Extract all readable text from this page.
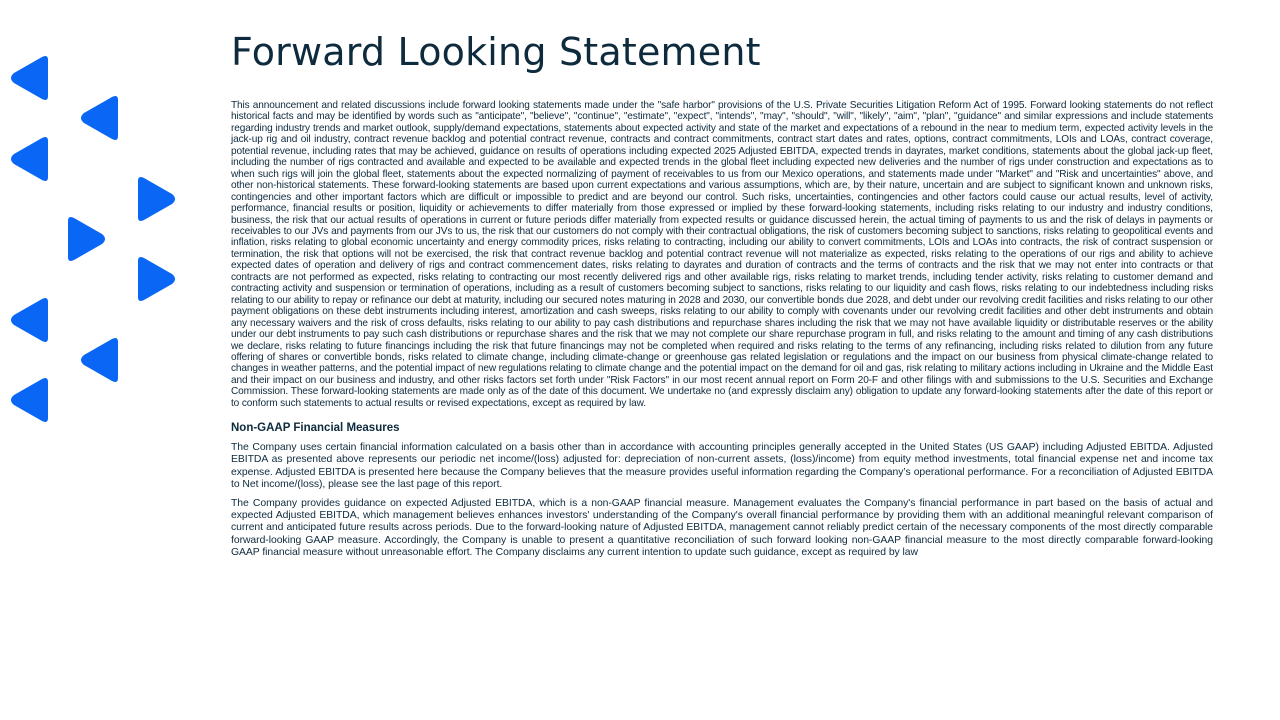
Forward Looking Statement

This announcement and related discussions include forward looking statements made under the "safe harbor" provisions of the U.S. Private Securities Litigation Reform Act of 1995. Forward looking statements do not reflect historical facts and may be identified by words such as "anticipate", "believe", "continue", "estimate", "expect", "intends", "may", "should", "will", "likely", "aim", "plan", "guidance" and similar expressions and include statements regarding industry trends and market outlook, supply/demand expectations, statements about expected activity and state of the market and expectations of a rebound in the near to medium term, expected activity levels in the jack-up rig and oil industry, contract revenue backlog and potential contract revenue, contracts and contract commitments, contract start dates and rates, options, contract commitments, LOIs and LOAs, contract coverage, potential revenue, including rates that may be achieved, guidance on results of operations including expected 2025 Adjusted EBITDA, expected trends in dayrates, market conditions, statements about the global jack-up fleet, including the number of rigs contracted and available and expected to be available and expected trends in the global fleet including expected new deliveries and the number of rigs under construction and expectations as to when such rigs will join the global fleet, statements about the expected normalizing of payment of receivables to us from our Mexico operations, and statements made under "Market" and "Risk and uncertainties" above, and other non-historical statements. These forward-looking statements are based upon current expectations and various assumptions, which are, by their nature, uncertain and are subject to significant known and unknown risks, contingencies and other important factors which are difficult or impossible to predict and are beyond our control. Such risks, uncertainties, contingencies and other factors could cause our actual results, level of activity, performance, financial results or position, liquidity or achievements to differ materially from those expressed or implied by these forward-looking statements, including risks relating to our industry and industry conditions, business, the risk that our actual results of operations in current or future periods differ materially from expected results or guidance discussed herein, the actual timing of payments to us and the risk of delays in payments or receivables to our JVs and payments from our JVs to us, the risk that our customers do not comply with their contractual obligations, the risk of customers becoming subject to sanctions, risks relating to geopolitical events and inflation, risks relating to global economic uncertainty and energy commodity prices, risks relating to contracting, including our ability to convert commitments, LOIs and LOAs into contracts, the risk of contract suspension or termination, the risk that options will not be exercised, the risk that contract revenue backlog and potential contract revenue will not materialize as expected, risks relating to the operations of our rigs and ability to achieve expected dates of operation and delivery of rigs and contract commencement dates, risks relating to dayrates and duration of contracts and the terms of contracts and the risk that we may not enter into contracts or that contracts are not performed as expected, risks relating to contracting our most recently delivered rigs and other available rigs, risks relating to market trends, including tender activity, risks relating to customer demand and contracting activity and suspension or termination of operations, including as a result of customers becoming subject to sanctions, risks relating to our liquidity and cash flows, risks relating to our indebtedness including risks relating to our ability to repay or refinance our debt at maturity, including our secured notes maturing in 2028 and 2030, our convertible bonds due 2028, and debt under our revolving credit facilities and risks relating to our other payment obligations on these debt instruments including interest, amortization and cash sweeps, risks relating to our ability to comply with covenants under our revolving credit facilities and other debt instruments and obtain any necessary waivers and the risk of cross defaults, risks relating to our ability to pay cash distributions and repurchase shares including the risk that we may not have available liquidity or distributable reserves or the ability under our debt instruments to pay such cash distributions or repurchase shares and the risk that we may not complete our share repurchase program in full, and risks relating to the amount and timing of any cash distributions we declare, risks relating to future financings including the risk that future financings may not be completed when required and risks relating to the terms of any refinancing, including risks related to dilution from any future offering of shares or convertible bonds, risks related to climate change, including climate-change or greenhouse gas related legislation or regulations and the impact on our business from physical climate-change related to changes in weather patterns, and the potential impact of new regulations relating to climate change and the potential impact on the demand for oil and gas, risk relating to military actions including in Ukraine and the Middle East and their impact on our business and industry, and other risks factors set forth under "Risk Factors" in our most recent annual report on Form 20-F and other filings with and submissions to the U.S. Securities and Exchange Commission. These forward-looking statements are made only as of the date of this document. We undertake no (and expressly disclaim any) obligation to update any forward-looking statements after the date of this report or to conform such statements to actual results or revised expectations, except as required by law.

Non-GAAP Financial Measures

The Company uses certain financial information calculated on a basis other than in accordance with accounting principles generally accepted in the United States (US GAAP) including Adjusted EBITDA. Adjusted EBITDA as presented above represents our periodic net income/(loss) adjusted for: depreciation of non-current assets, (loss)/income) from equity method investments, total financial expense net and income tax expense. Adjusted EBITDA is presented here because the Company believes that the measure provides useful information regarding the Company’s operational performance. For a reconciliation of Adjusted EBITDA to Net income/(loss), please see the last page of this report.

The Company provides guidance on expected Adjusted EBITDA, which is a non-GAAP financial measure. Management evaluates the Company's financial performance in part based on the basis of actual and expected Adjusted EBITDA, which management believes enhances investors' understanding of the Company's overall financial performance by providing them with an additional meaningful relevant comparison of current and anticipated future results across periods. Due to the forward-looking nature of Adjusted EBITDA, management cannot reliably predict certain of the necessary components of the most directly comparable forward-looking GAAP measure. Accordingly, the Company is unable to present a quantitative reconciliation of such forward looking non-GAAP financial measure to the most directly comparable forward-looking GAAP financial measure without unreasonable effort. The Company disclaims any current intention to update such guidance, except as required by law
